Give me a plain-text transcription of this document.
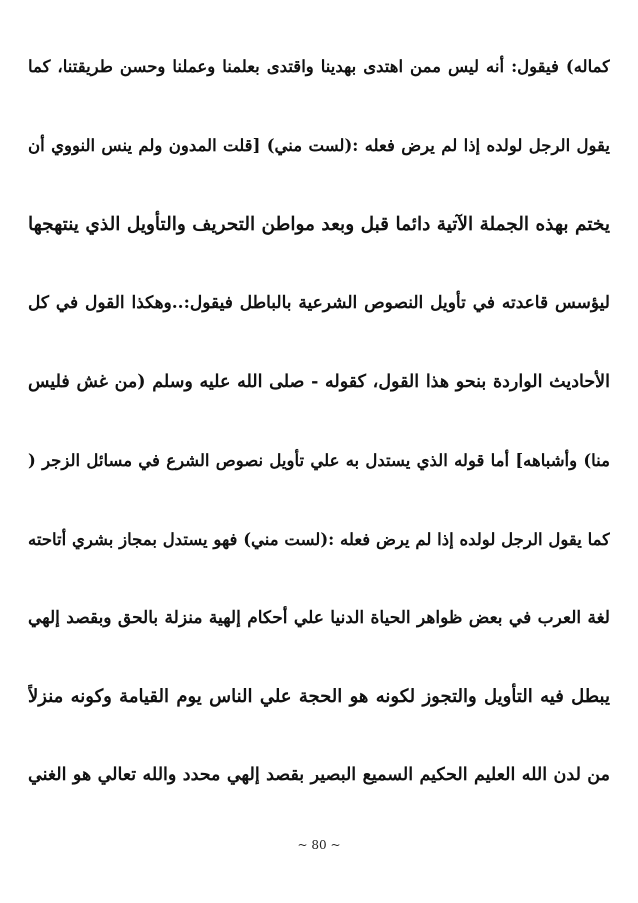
كماله) فيقول: أنه ليس ممن اهتدى بهدينا واقتدى بعلمنا وعملنا وحسن طريقتنا، كما
يقول الرجل لولده إذا لم يرض فعله :(لست مني) [قلت المدون ولم ينس النووي أن
يختم بهذه الجملة الآتية دائما قبل وبعد مواطن التحريف والتأويل الذي ينتهجها
ليؤسس قاعدته في تأويل النصوص الشرعية بالباطل فيقول:..وهكذا القول في كل
الأحاديث الواردة بنحو هذا القول، كقوله - صلى الله عليه وسلم (من غش فليس
منا) وأشباهه] أما قوله الذي يستدل به علي تأويل نصوص الشرع في مسائل الزجر (
كما يقول الرجل لولده إذا لم يرض فعله :(لست مني) فهو يستدل بمجاز بشري أتاحته
لغة العرب في بعض ظواهر الحياة الدنيا علي أحكام إلهية منزلة بالحق وبقصد إلهي
يبطل فيه التأويل والتجوز لكونه هو الحجة علي الناس يوم القيامة وكونه منزلاً
من لدن الله العليم الحكيم السميع البصير بقصد إلهي محدد والله تعالي هو الغني
~ 80 ~
